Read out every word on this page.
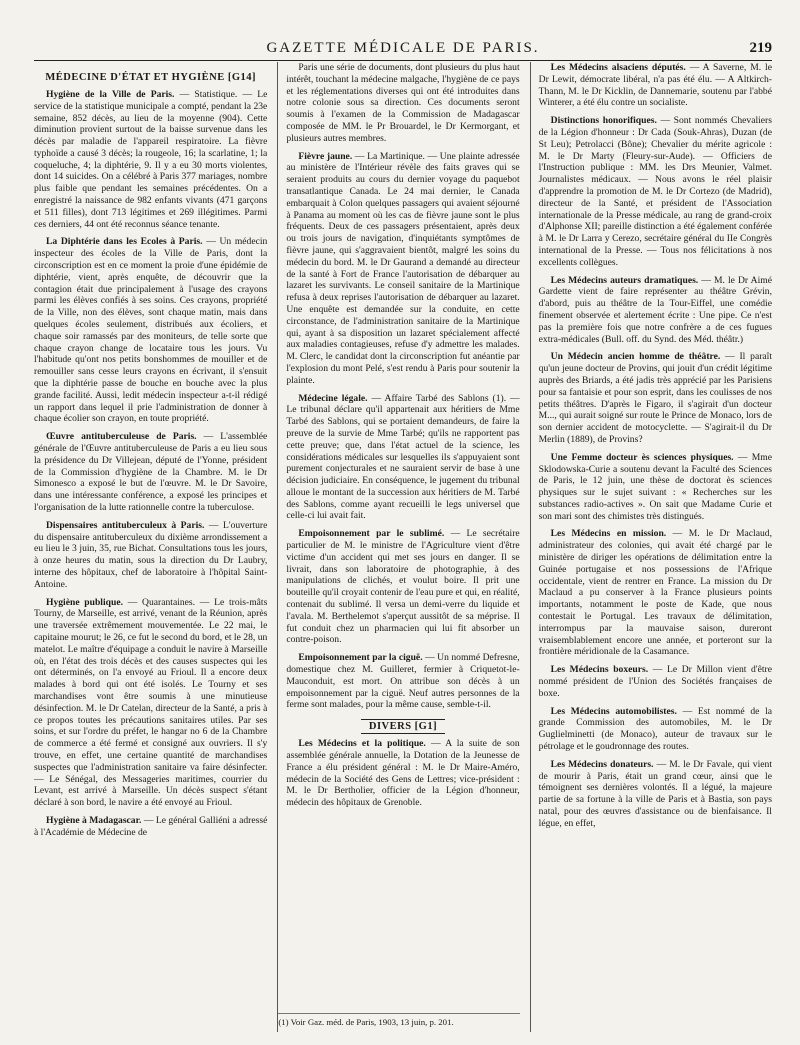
GAZETTE MÉDICALE DE PARIS.	219
MÉDECINE D'ÉTAT ET HYGIÈNE [G14]

Hygiène de la Ville de Paris. — Statistique. — Le service de la statistique municipale a compté, pendant la 23e semaine, 852 décès, au lieu de la moyenne (904). Cette diminution provient surtout de la baisse survenue dans les décès par maladie de l'appareil respiratoire. La fièvre typhoïde a causé 3 décès; la rougeole, 16; la scarlatine, 1; la coqueluche, 4; la diphtérie, 9. Il y a eu 30 morts violentes, dont 14 suicides. On a célébré à Paris 377 mariages, nombre plus faible que pendant les semaines précédentes. On a enregistré la naissance de 982 enfants vivants (471 garçons et 511 filles), dont 713 légitimes et 269 illégitimes. Parmi ces derniers, 44 ont été reconnus séance tenante.

La Diphtérie dans les Ecoles à Paris. — Un médecin inspecteur des écoles de la Ville de Paris, dont la circonscription est en ce moment la proie d'une épidémie de diphtérie, vient, après enquête, de découvrir que la contagion était due principalement à l'usage des crayons parmi les élèves confiés à ses soins. Ces crayons, propriété de la Ville, non des élèves, sont chaque matin, mais dans quelques écoles seulement, distribués aux écoliers, et chaque soir ramassés par des moniteurs, de telle sorte que chaque crayon change de locataire tous les jours. Vu l'habitude qu'ont nos petits bonshommes de mouiller et de remouiller sans cesse leurs crayons en écrivant, il s'ensuit que la diphtérie passe de bouche en bouche avec la plus grande facilité. Aussi, ledit médecin inspecteur a-t-il rédigé un rapport dans lequel il prie l'administration de donner à chaque écolier son crayon, en toute propriété.

Œuvre antituberculeuse de Paris. — L'assemblée générale de l'Œuvre antituberculeuse de Paris a eu lieu sous la présidence du Dr Villejean, député de l'Yonne, président de la Commission d'hygiène de la Chambre. M. le Dr Simonesco a exposé le but de l'œuvre. M. le Dr Savoire, dans une intéressante conférence, a exposé les principes et l'organisation de la lutte rationnelle contre la tuberculose.

Dispensaires antituberculeux à Paris. — L'ouverture du dispensaire antituberculeux du dixième arrondissement a eu lieu le 3 juin, 35, rue Bichat. Consultations tous les jours, à onze heures du matin, sous la direction du Dr Laubry, interne des hôpitaux, chef de laboratoire à l'hôpital Saint-Antoine.

Hygiène publique. — Quarantaines. — Le trois-mâts Tourny, de Marseille, est arrivé, venant de la Réunion, après une traversée extrêmement mouvementée. Le 22 mai, le capitaine mourut; le 26, ce fut le second du bord, et le 28, un matelot. Le maître d'équipage a conduit le navire à Marseille où, en l'état des trois décès et des causes suspectes qui les ont déterminés, on l'a envoyé au Frioul. Il a encore deux malades à bord qui ont été isolés. Le Tourny et ses marchandises vont être soumis à une minutieuse désinfection. M. le Dr Catelan, directeur de la Santé, a pris à ce propos toutes les précautions sanitaires utiles. Par ses soins, et sur l'ordre du préfet, le hangar no 6 de la Chambre de commerce a été fermé et consigné aux ouvriers. Il s'y trouve, en effet, une certaine quantité de marchandises suspectes que l'administration sanitaire va faire désinfecter. — Le Sénégal, des Messageries maritimes, courrier du Levant, est arrivé à Marseille. Un décès suspect s'étant déclaré à son bord, le navire a été envoyé au Frioul.

Hygiène à Madagascar. — Le général Galliéni a adressé à l'Académie de Médecine de

Paris une série de documents, dont plusieurs du plus haut intérêt, touchant la médecine malgache, l'hygiène de ce pays et les réglementations diverses qui ont été introduites dans notre colonie sous sa direction. Ces documents seront soumis à l'examen de la Commission de Madagascar composée de MM. le Pr Brouardel, le Dr Kermorgant, et plusieurs autres membres.

Fièvre jaune. — La Martinique. — Une plainte adressée au ministère de l'Intérieur révèle des faits graves qui se seraient produits au cours du dernier voyage du paquebot transatlantique Canada. Le 24 mai dernier, le Canada embarquait à Colon quelques passagers qui avaient séjourné à Panama au moment où les cas de fièvre jaune sont le plus fréquents. Deux de ces passagers présentaient, après deux ou trois jours de navigation, d'inquiétants symptômes de fièvre jaune, qui s'aggravaient bientôt, malgré les soins du médecin du bord. M. le Dr Gaurand a demandé au directeur de la santé à Fort de France l'autorisation de débarquer au lazaret les survivants. Le conseil sanitaire de la Martinique refusa à deux reprises l'autorisation de débarquer au lazaret. Une enquête est demandée sur la conduite, en cette circonstance, de l'administration sanitaire de la Martinique qui, ayant à sa disposition un lazaret spécialement affecté aux maladies contagieuses, refuse d'y admettre les malades. M. Clerc, le candidat dont la circonscription fut anéantie par l'explosion du mont Pelé, s'est rendu à Paris pour soutenir la plainte.

Médecine légale. — Affaire Tarbé des Sablons (1). — Le tribunal déclare qu'il appartenait aux héritiers de Mme Tarbé des Sablons, qui se portaient demandeurs, de faire la preuve de la survie de Mme Tarbé; qu'ils ne rapportent pas cette preuve; que, dans l'état actuel de la science, les considérations médicales sur lesquelles ils s'appuyaient sont purement conjecturales et ne sauraient servir de base à une décision judiciaire. En conséquence, le jugement du tribunal alloue le montant de la succession aux héritiers de M. Tarbé des Sablons, comme ayant recueilli le legs universel que celle-ci lui avait fait.

Empoisonnement par le sublimé. — Le secrétaire particulier de M. le ministre de l'Agriculture vient d'être victime d'un accident qui met ses jours en danger. Il se livrait, dans son laboratoire de photographie, à des manipulations de clichés, et voulut boire. Il prit une bouteille qu'il croyait contenir de l'eau pure et qui, en réalité, contenait du sublimé. Il versa un demi-verre du liquide et l'avala. M. Berthelemot s'aperçut aussitôt de sa méprise. Il fut conduit chez un pharmacien qui lui fit absorber un contre-poison.

Empoisonnement par la ciguë. — Un nommé Defresne, domestique chez M. Guilleret, fermier à Criquetot-le-Mauconduit, est mort. On attribue son décès à un empoisonnement par la ciguë. Neuf autres personnes de la ferme sont malades, pour la même cause, semble-t-il.

DIVERS [G1]

Les Médecins et la politique. — A la suite de son assemblée générale annuelle, la Dotation de la Jeunesse de France a élu président général : M. le Dr Maire-Améro, médecin de la Société des Gens de Lettres; vice-président : M. le Dr Bertholier, officier de la Légion d'honneur, médecin des hôpitaux de Grenoble.

(1) Voir Gaz. méd. de Paris, 1903, 13 juin, p. 201.

Les Médecins alsaciens députés. — A Saverne, M. le Dr Lewit, démocrate libéral, n'a pas été élu. — A Altkirch-Thann, M. le Dr Kicklin, de Dannemarie, soutenu par l'abbé Winterer, a été élu contre un socialiste.

Distinctions honorifiques. — Sont nommés Chevaliers de la Légion d'honneur : Dr Cada (Souk-Ahras), Duzan (de St Leu); Petrolacci (Bône); Chevalier du mérite agricole : M. le Dr Marty (Fleury-sur-Aude). — Officiers de l'Instruction publique : MM. les Drs Meunier, Valmet. Journalistes médicaux. — Nous avons le réel plaisir d'apprendre la promotion de M. le Dr Cortezo (de Madrid), directeur de la Santé, et président de l'Association internationale de la Presse médicale, au rang de grand-croix d'Alphonse XII; pareille distinction a été également conférée à M. le Dr Larra y Cerezo, secrétaire général du IIe Congrès international de la Presse. — Tous nos félicitations à nos excellents collègues.

Les Médecins auteurs dramatiques. — M. le Dr Aimé Gardette vient de faire représenter au théâtre Grévin, d'abord, puis au théâtre de la Tour-Eiffel, une comédie finement observée et alertement écrite : Une pipe. Ce n'est pas la première fois que notre confrère a de ces fugues extra-médicales (Bull. off. du Synd. des Méd. théâtr.)

Un Médecin ancien homme de théâtre. — Il paraît qu'un jeune docteur de Provins, qui jouit d'un crédit légitime auprès des Briards, a été jadis très apprécié par les Parisiens pour sa fantaisie et pour son esprit, dans les coulisses de nos petits théâtres. D'après le Figaro, il s'agirait d'un docteur M..., qui aurait soigné sur route le Prince de Monaco, lors de son dernier accident de motocyclette. — S'agirait-il du Dr Merlin (1889), de Provins?

Une Femme docteur ès sciences physiques. — Mme Sklodowska-Curie a soutenu devant la Faculté des Sciences de Paris, le 12 juin, une thèse de doctorat ès sciences physiques sur le sujet suivant : « Recherches sur les substances radio-actives ». On sait que Madame Curie et son mari sont des chimistes très distingués.

Les Médecins en mission. — M. le Dr Maclaud, administrateur des colonies, qui avait été chargé par le ministère de diriger les opérations de délimitation entre la Guinée portugaise et nos possessions de l'Afrique occidentale, vient de rentrer en France. La mission du Dr Maclaud a pu conserver à la France plusieurs points importants, notamment le poste de Kade, que nous contestait le Portugal. Les travaux de délimitation, interrompus par la mauvaise saison, dureront vraisemblablement encore une année, et porteront sur la frontière méridionale de la Casamance.

Les Médecins boxeurs. — Le Dr Millon vient d'être nommé président de l'Union des Sociétés françaises de boxe.

Les Médecins automobilistes. — Est nommé de la grande Commission des automobiles, M. le Dr Guglielminetti (de Monaco), auteur de travaux sur le pétrolage et le goudronnage des routes.

Les Médecins donateurs. — M. le Dr Favale, qui vient de mourir à Paris, était un grand cœur, ainsi que le témoignent ses dernières volontés. Il a légué, la majeure partie de sa fortune à la ville de Paris et à Bastia, son pays natal, pour des œuvres d'assistance ou de bienfaisance. Il légue, en effet,
